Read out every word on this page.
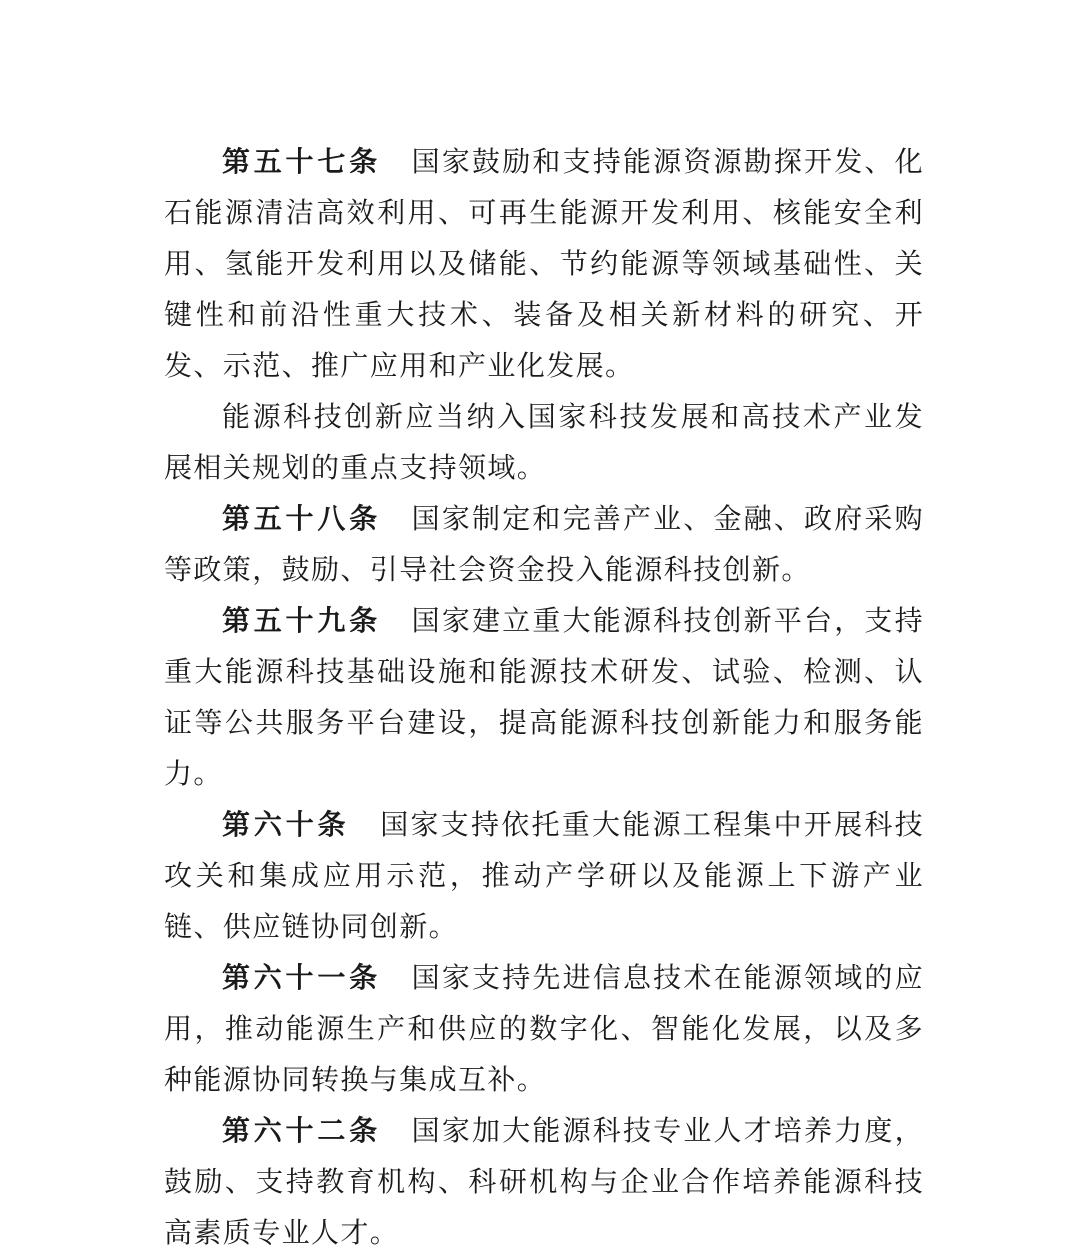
第五十七条 国家鼓励和支持能源资源勘探开发、化石能源清洁高效利用、可再生能源开发利用、核能安全利用、氢能开发利用以及储能、节约能源等领域基础性、关键性和前沿性重大技术、装备及相关新材料的研究、开发、示范、推广应用和产业化发展。

能源科技创新应当纳入国家科技发展和高技术产业发展相关规划的重点支持领域。

第五十八条 国家制定和完善产业、金融、政府采购等政策，鼓励、引导社会资金投入能源科技创新。

第五十九条 国家建立重大能源科技创新平台，支持重大能源科技基础设施和能源技术研发、试验、检测、认证等公共服务平台建设，提高能源科技创新能力和服务能力。

第六十条 国家支持依托重大能源工程集中开展科技攻关和集成应用示范，推动产学研以及能源上下游产业链、供应链协同创新。

第六十一条 国家支持先进信息技术在能源领域的应用，推动能源生产和供应的数字化、智能化发展，以及多种能源协同转换与集成互补。

第六十二条 国家加大能源科技专业人才培养力度，鼓励、支持教育机构、科研机构与企业合作培养能源科技高素质专业人才。
